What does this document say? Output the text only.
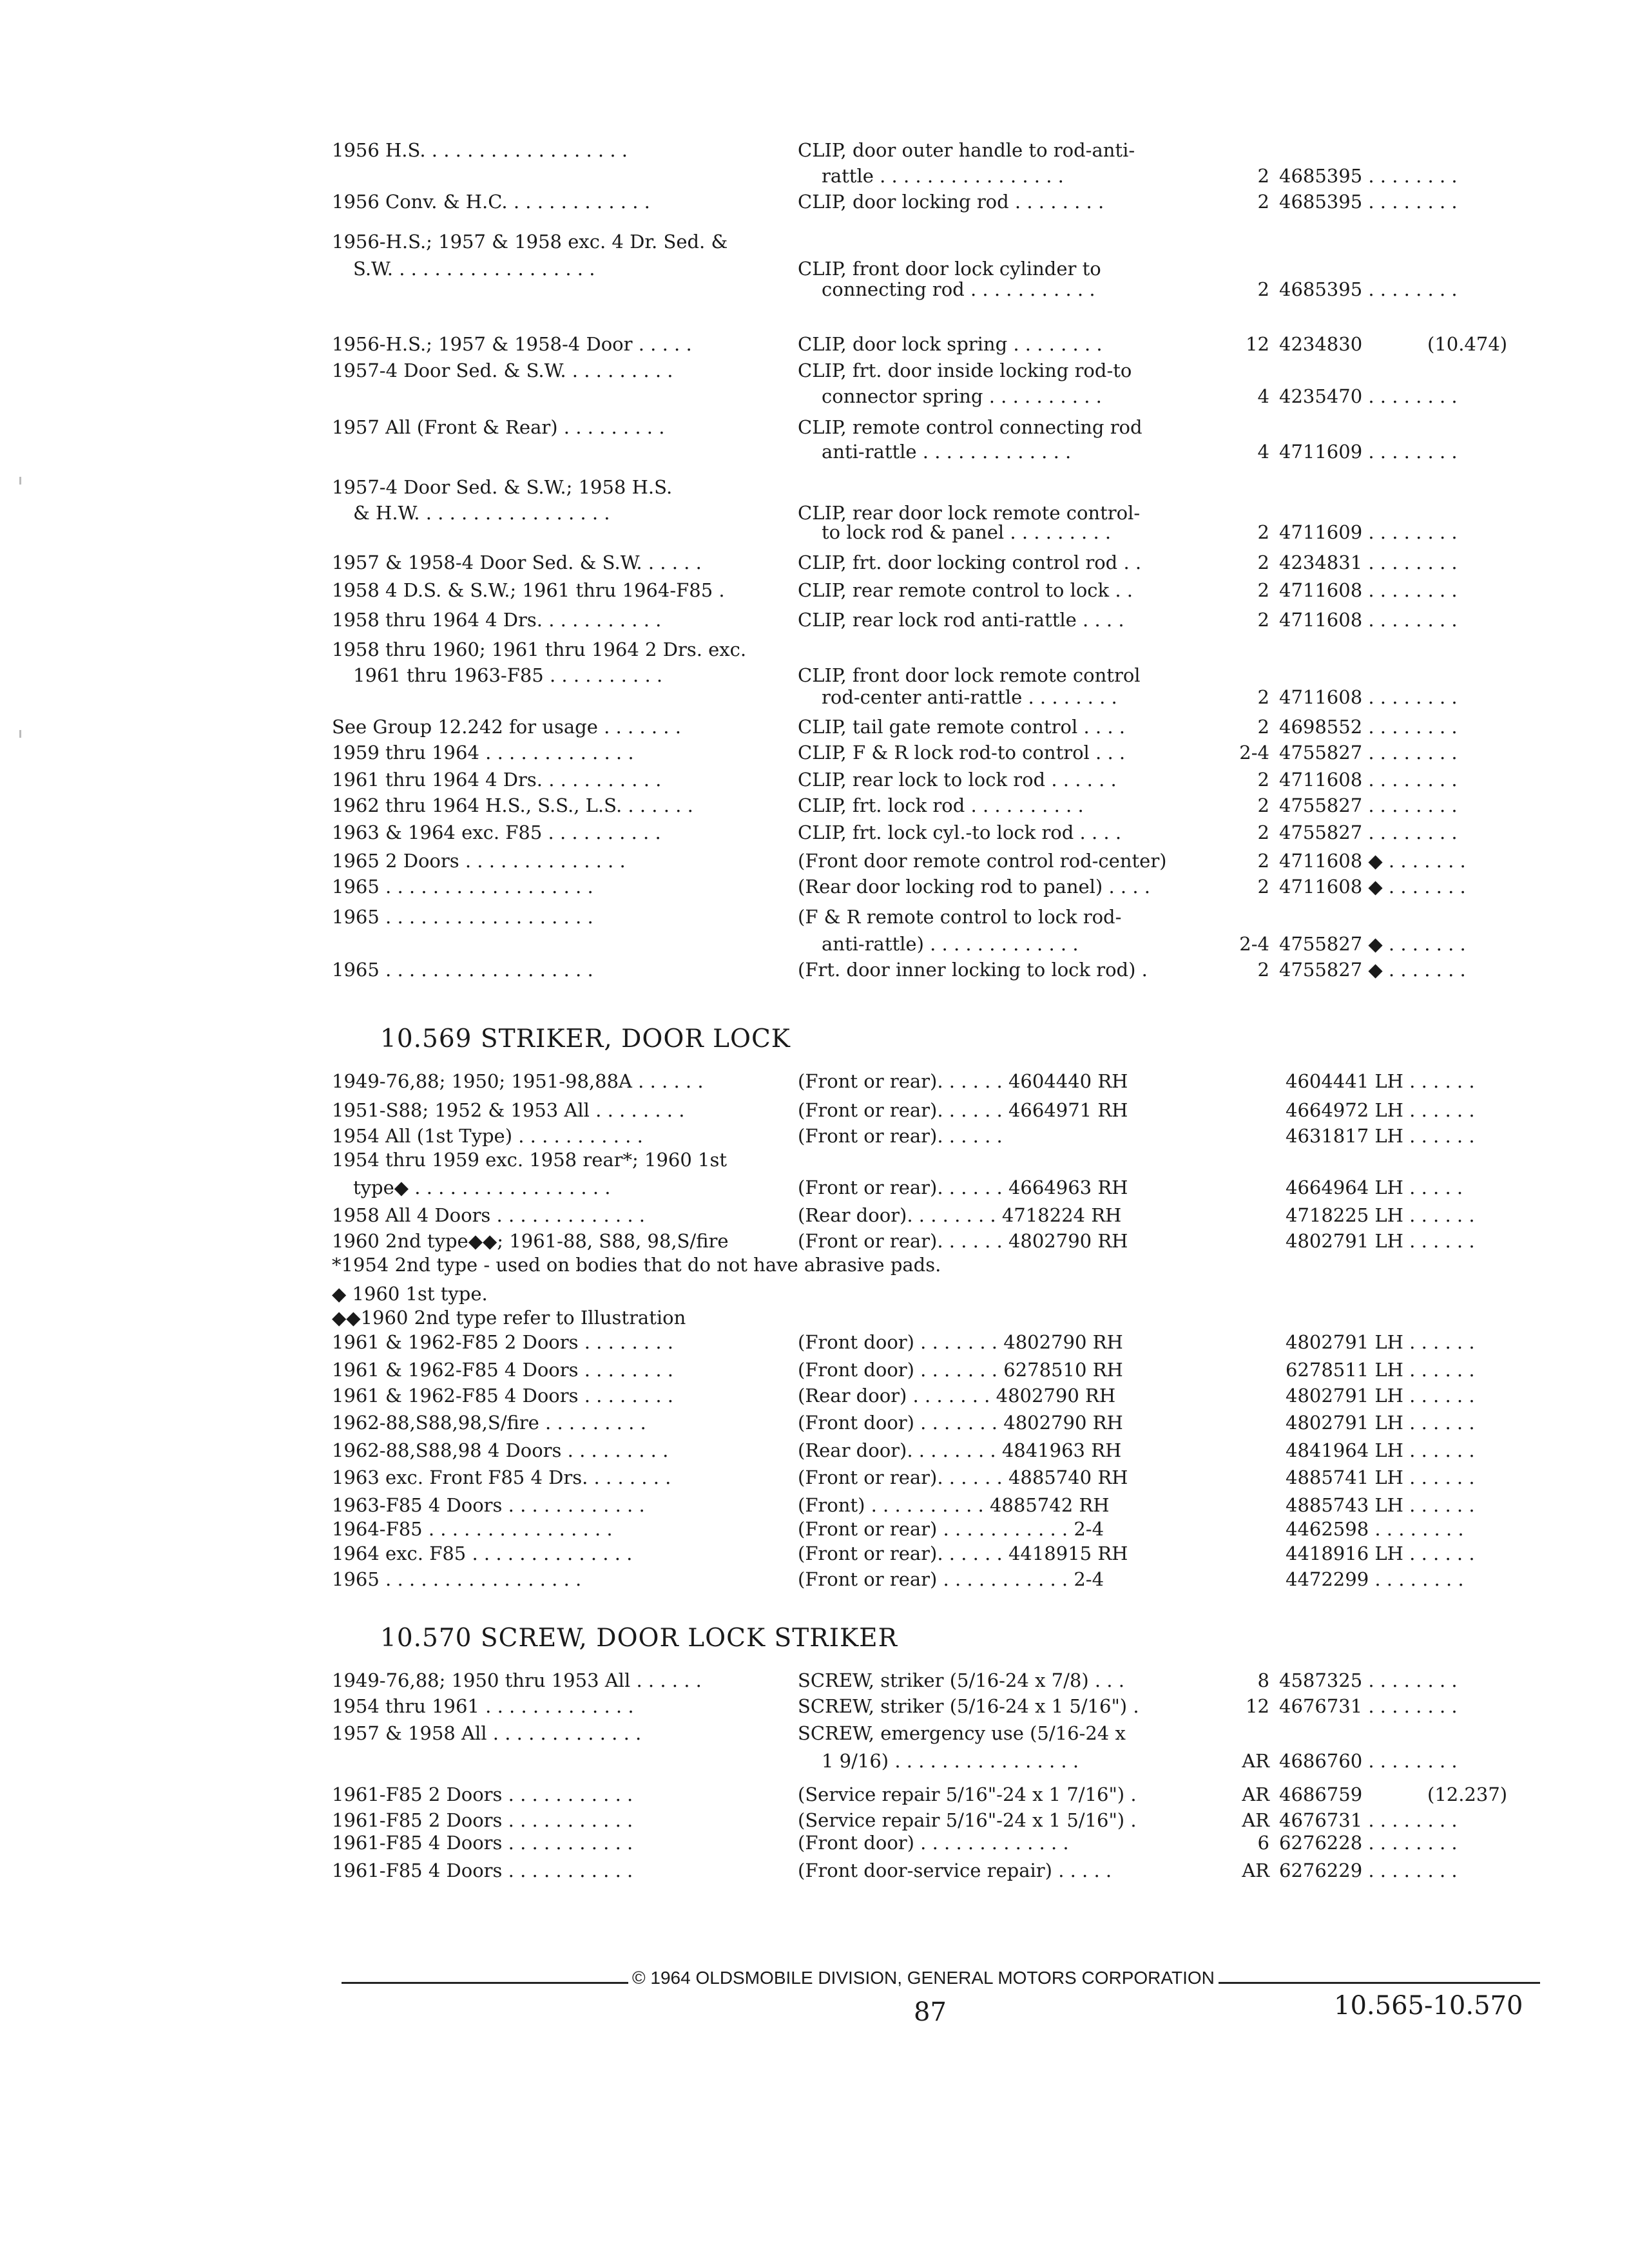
1956 H.S. . . . . . . . . . . . . . . . . .	CLIP, door outer handle to rod-anti-
rattle . . . . . . . . . . . . . . . .	2 4685395 . . . . . . . .
1956 Conv. & H.C. . . . . . . . . . . . .	CLIP, door locking rod . . . . . . . .	2 4685395 . . . . . . . .
1956-H.S.; 1957 & 1958 exc. 4 Dr. Sed. &
S.W. . . . . . . . . . . . . . . . . .	CLIP, front door lock cylinder to
connecting rod . . . . . . . . . . .	2 4685395 . . . . . . . .
1956-H.S.; 1957 & 1958-4 Door . . . . .	CLIP, door lock spring . . . . . . . .	12 4234830	(10.474)
1957-4 Door Sed. & S.W. . . . . . . . . .	CLIP, frt. door inside locking rod-to
connector spring . . . . . . . . . .	4 4235470 . . . . . . . .
1957 All (Front & Rear) . . . . . . . . .	CLIP, remote control connecting rod
anti-rattle . . . . . . . . . . . . .	4 4711609 . . . . . . . .
1957-4 Door Sed. & S.W.; 1958 H.S.
& H.W. . . . . . . . . . . . . . . . .	CLIP, rear door lock remote control-
to lock rod & panel . . . . . . . . .	2 4711609 . . . . . . . .
1957 & 1958-4 Door Sed. & S.W. . . . . .	CLIP, frt. door locking control rod . .	2 4234831 . . . . . . . .
1958 4 D.S. & S.W.; 1961 thru 1964-F85 .	CLIP, rear remote control to lock . .	2 4711608 . . . . . . . .
1958 thru 1964 4 Drs. . . . . . . . . . .	CLIP, rear lock rod anti-rattle . . . .	2 4711608 . . . . . . . .
1958 thru 1960; 1961 thru 1964 2 Drs. exc.
1961 thru 1963-F85 . . . . . . . . . .	CLIP, front door lock remote control
rod-center anti-rattle . . . . . . . .	2 4711608 . . . . . . . .
See Group 12.242 for usage . . . . . . .	CLIP, tail gate remote control . . . .	2 4698552 . . . . . . . .
1959 thru 1964 . . . . . . . . . . . . .	CLIP, F & R lock rod-to control . . .	2-4 4755827 . . . . . . . .
1961 thru 1964 4 Drs. . . . . . . . . . .	CLIP, rear lock to lock rod . . . . . .	2 4711608 . . . . . . . .
1962 thru 1964 H.S., S.S., L.S. . . . . . .	CLIP, frt. lock rod . . . . . . . . . .	2 4755827 . . . . . . . .
1963 & 1964 exc. F85 . . . . . . . . . .	CLIP, frt. lock cyl.-to lock rod . . . .	2 4755827 . . . . . . . .
1965 2 Doors . . . . . . . . . . . . . .	(Front door remote control rod-center)	2 4711608 ◆ . . . . . . .
1965 . . . . . . . . . . . . . . . . . .	(Rear door locking rod to panel) . . . .	2 4711608 ◆ . . . . . . .
1965 . . . . . . . . . . . . . . . . . .	(F & R remote control to lock rod-
anti-rattle) . . . . . . . . . . . . .	2-4 4755827 ◆ . . . . . . .
1965 . . . . . . . . . . . . . . . . . .	(Frt. door inner locking to lock rod) .	2 4755827 ◆ . . . . . . .
10.569 STRIKER, DOOR LOCK
1949-76,88; 1950; 1951-98,88A . . . . . .	(Front or rear). . . . . . 4604440 RH	4604441 LH . . . . . .
1951-S88; 1952 & 1953 All . . . . . . . .	(Front or rear). . . . . . 4664971 RH	4664972 LH . . . . . .
1954 All (1st Type) . . . . . . . . . . .	(Front or rear). . . . . .	4631817 LH . . . . . .
1954 thru 1959 exc. 1958 rear*; 1960 1st
type◆ . . . . . . . . . . . . . . . . .	(Front or rear). . . . . . 4664963 RH	4664964 LH . . . . .
1958 All 4 Doors . . . . . . . . . . . . .	(Rear door). . . . . . . . 4718224 RH	4718225 LH . . . . . .
1960 2nd type◆◆; 1961-88, S88, 98,S/fire	(Front or rear). . . . . . 4802790 RH	4802791 LH . . . . . .
*1954 2nd type - used on bodies that do not have abrasive pads.
◆ 1960 1st type.
◆◆1960 2nd type refer to Illustration
1961 & 1962-F85 2 Doors . . . . . . . .	(Front door) . . . . . . . 4802790 RH	4802791 LH . . . . . .
1961 & 1962-F85 4 Doors . . . . . . . .	(Front door) . . . . . . . 6278510 RH	6278511 LH . . . . . .
1961 & 1962-F85 4 Doors . . . . . . . .	(Rear door) . . . . . . . 4802790 RH	4802791 LH . . . . . .
1962-88,S88,98,S/fire . . . . . . . . .	(Front door) . . . . . . . 4802790 RH	4802791 LH . . . . . .
1962-88,S88,98 4 Doors . . . . . . . . .	(Rear door). . . . . . . . 4841963 RH	4841964 LH . . . . . .
1963 exc. Front F85 4 Drs. . . . . . . .	(Front or rear). . . . . . 4885740 RH	4885741 LH . . . . . .
1963-F85 4 Doors . . . . . . . . . . . .	(Front) . . . . . . . . . . 4885742 RH	4885743 LH . . . . . .
1964-F85 . . . . . . . . . . . . . . . .	(Front or rear) . . . . . . . . . . . 2-4	4462598 . . . . . . . .
1964 exc. F85 . . . . . . . . . . . . . .	(Front or rear). . . . . . 4418915 RH	4418916 LH . . . . . .
1965 . . . . . . . . . . . . . . . . .	(Front or rear) . . . . . . . . . . . 2-4	4472299 . . . . . . . .
10.570 SCREW, DOOR LOCK STRIKER
1949-76,88; 1950 thru 1953 All . . . . . .	SCREW, striker (5/16-24 x 7/8) . . .	8 4587325 . . . . . . . .
1954 thru 1961 . . . . . . . . . . . . .	SCREW, striker (5/16-24 x 1 5/16") .	12 4676731 . . . . . . . .
1957 & 1958 All . . . . . . . . . . . . .	SCREW, emergency use (5/16-24 x
1 9/16) . . . . . . . . . . . . . . . .	AR 4686760 . . . . . . . .
1961-F85 2 Doors . . . . . . . . . . .	(Service repair 5/16"-24 x 1 7/16") .	AR 4686759	(12.237)
1961-F85 2 Doors . . . . . . . . . . .	(Service repair 5/16"-24 x 1 5/16") .	AR 4676731 . . . . . . . .
1961-F85 4 Doors . . . . . . . . . . .	(Front door) . . . . . . . . . . . . .	6 6276228 . . . . . . . .
1961-F85 4 Doors . . . . . . . . . . .	(Front door-service repair) . . . . .	AR 6276229 . . . . . . . .
© 1964 OLDSMOBILE DIVISION, GENERAL MOTORS CORPORATION
87	10.565-10.570
